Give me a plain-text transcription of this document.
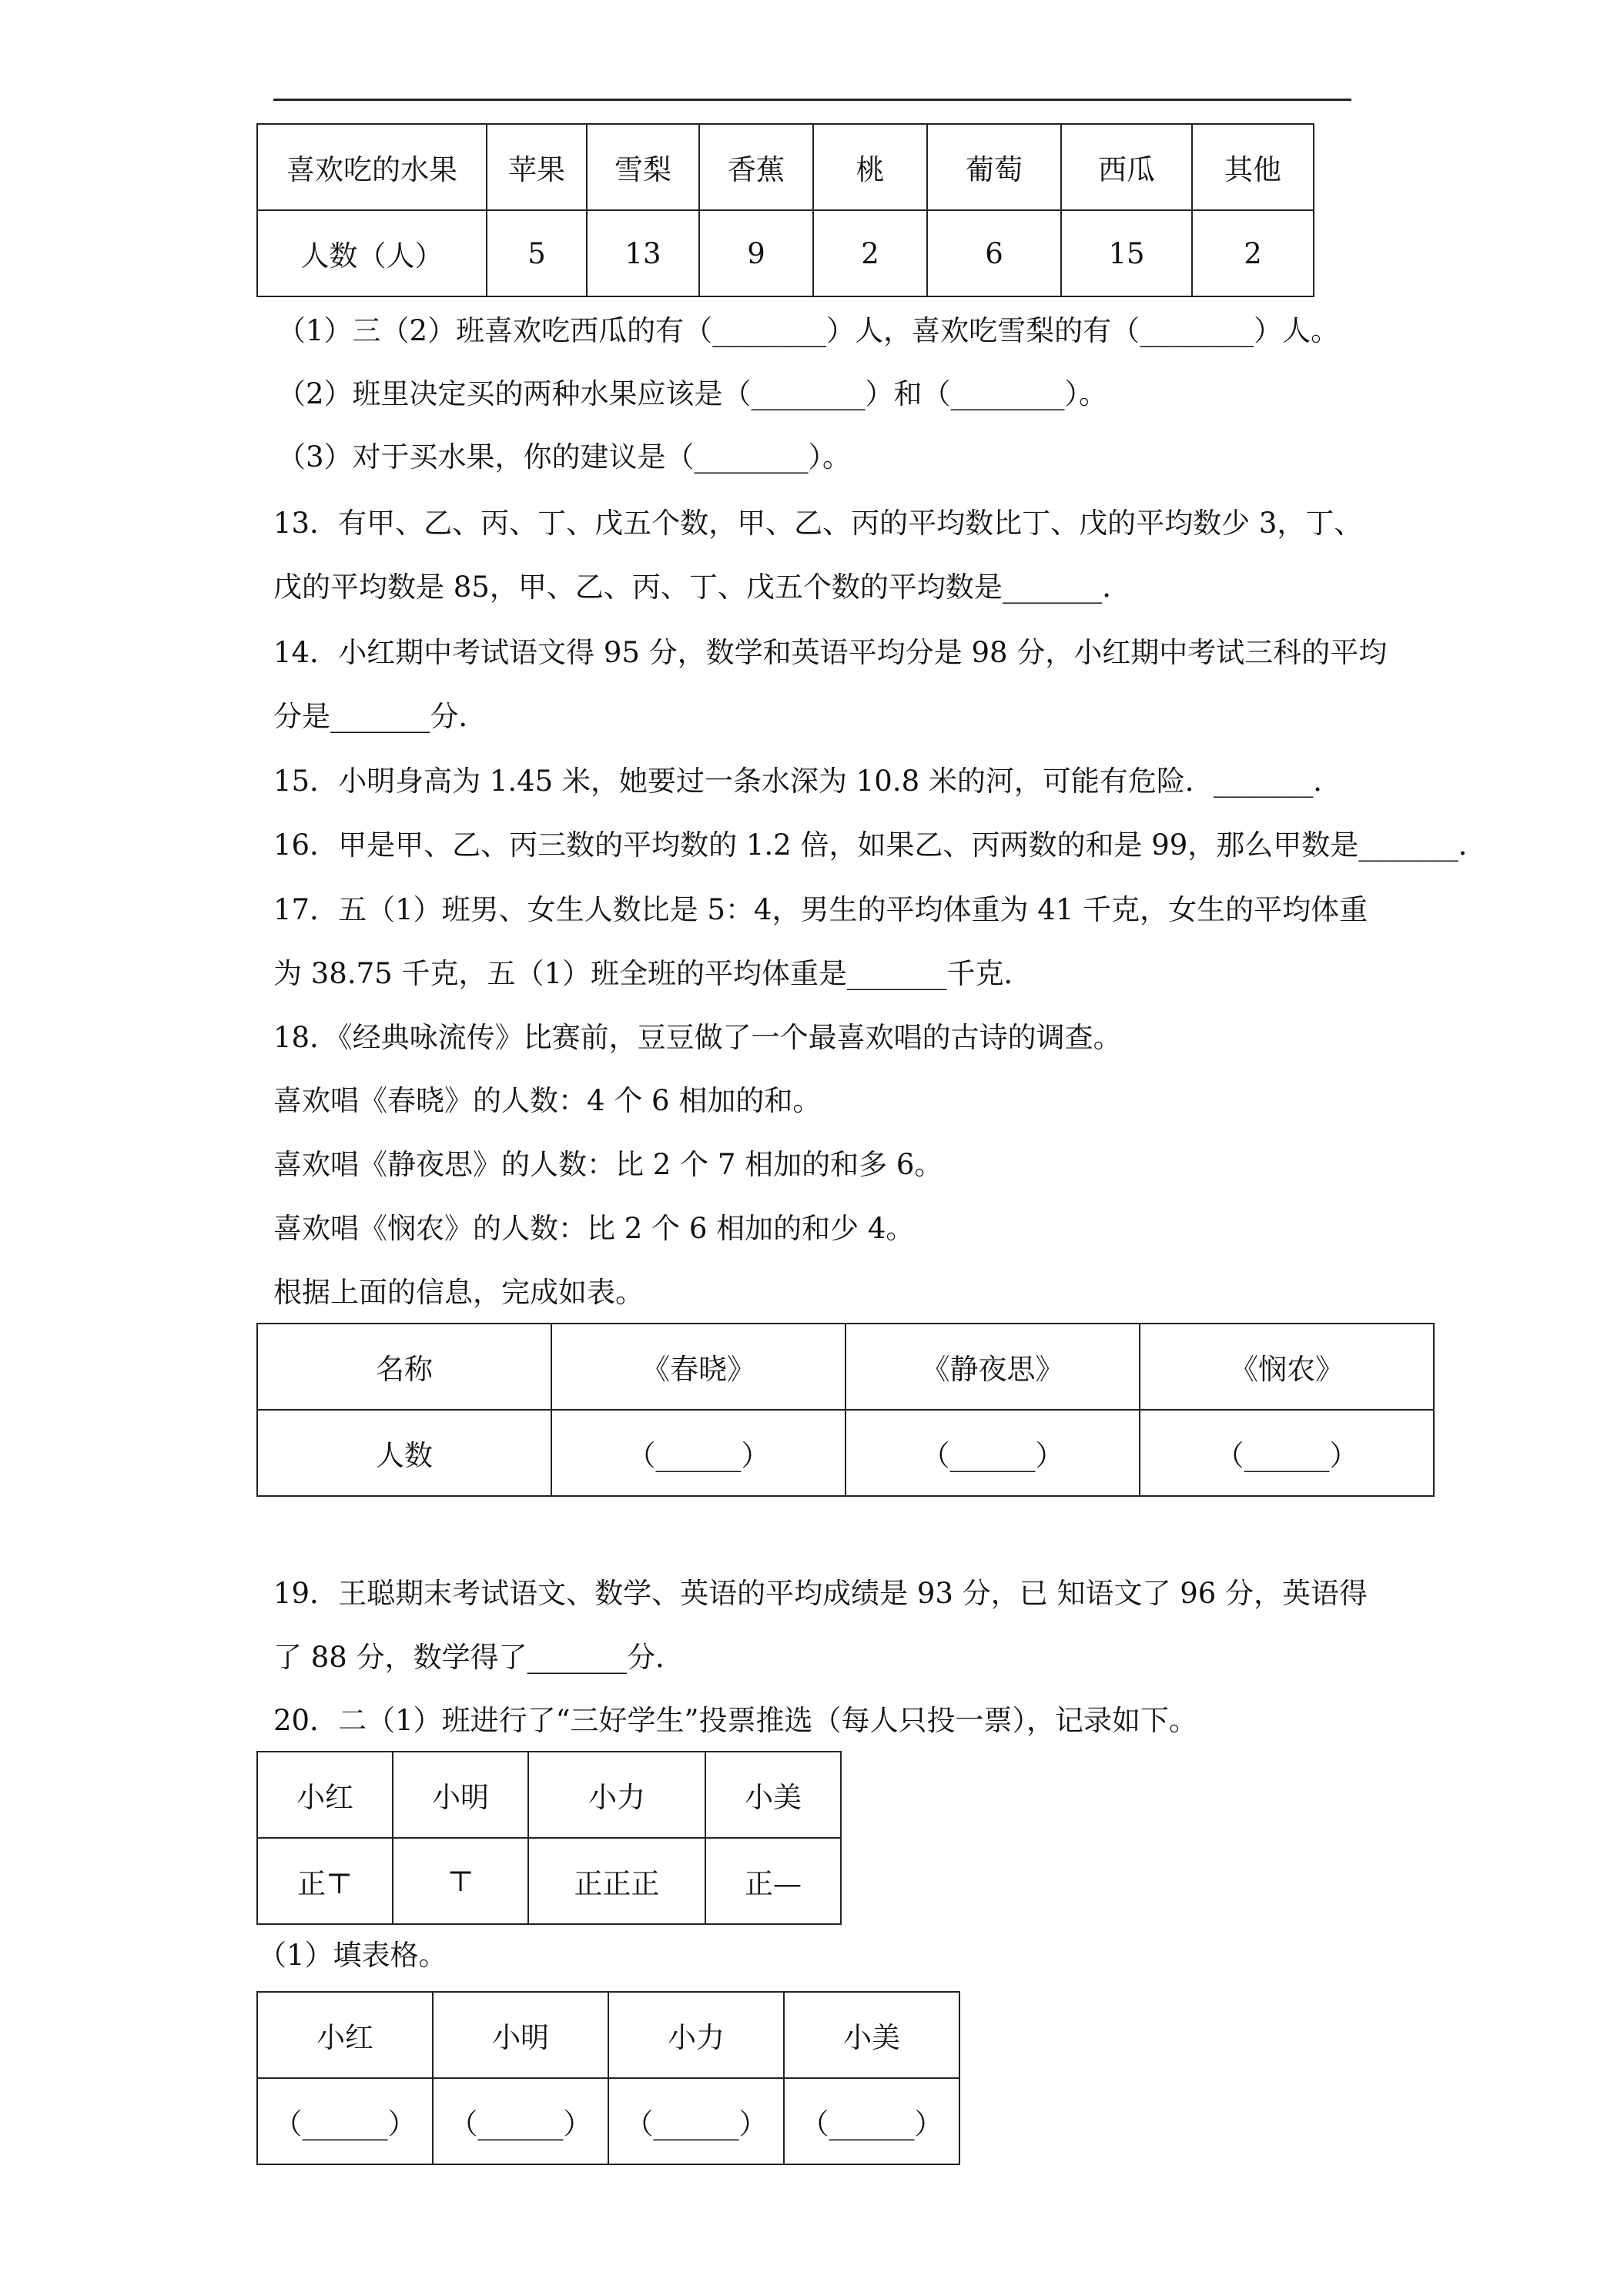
喜欢吃的水果	苹果	雪梨	香蕉	桃	葡萄	西瓜	其他
人数（人）	5	13	9	2	6	15	2
（1）三（2）班喜欢吃西瓜的有（________）人，喜欢吃雪梨的有（________）人。
（2）班里决定买的两种水果应该是（________）和（________）。
（3）对于买水果，你的建议是（________）。
13．有甲、乙、丙、丁、戊五个数，甲、乙、丙的平均数比丁、戊的平均数少 3，丁、
戊的平均数是 85，甲、乙、丙、丁、戊五个数的平均数是_______．
14．小红期中考试语文得 95 分，数学和英语平均分是 98 分，小红期中考试三科的平均
分是_______分．
15．小明身高为 1.45 米，她要过一条水深为 10.8 米的河，可能有危险．_______．
16．甲是甲、乙、丙三数的平均数的 1.2 倍，如果乙、丙两数的和是 99，那么甲数是_______．
17．五（1）班男、女生人数比是 5：4，男生的平均体重为 41 千克，女生的平均体重
为 38.75 千克，五（1）班全班的平均体重是_______千克．
18．《经典咏流传》比赛前，豆豆做了一个最喜欢唱的古诗的调查。
喜欢唱《春晓》的人数：4 个 6 相加的和。
喜欢唱《静夜思》的人数：比 2 个 7 相加的和多 6。
喜欢唱《悯农》的人数：比 2 个 6 相加的和少 4。
根据上面的信息，完成如表。
名称	《春晓》	《静夜思》	《悯农》
人数	（______）	（______）	（______）
19．王聪期末考试语文、数学、英语的平均成绩是 93 分，已 知语文了 96 分，英语得
了 88 分，数学得了_______分．
20．二（1）班进行了“三好学生”投票推选（每人只投一票），记录如下。
小红	小明	小力	小美
正⊤	⊤	正正正	正—
（1）填表格。
小红	小明	小力	小美
（______）	（______）	（______）	（______）
